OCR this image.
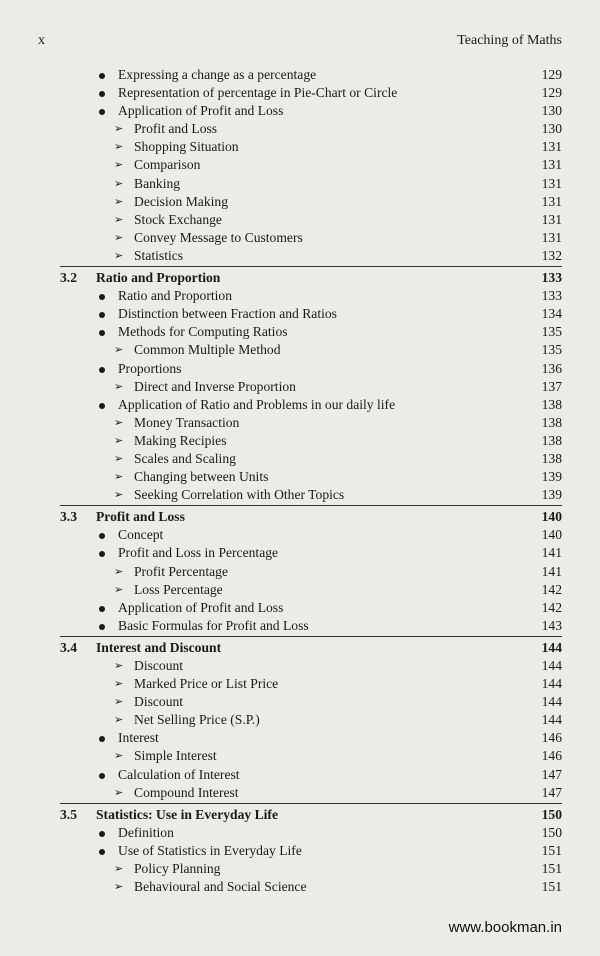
x	Teaching of Maths
Expressing a change as a percentage	129
Representation of percentage in Pie-Chart or Circle	129
Application of Profit and Loss	130
➢ Profit and Loss	130
➢ Shopping Situation	131
➢ Comparison	131
➢ Banking	131
➢ Decision Making	131
➢ Stock Exchange	131
➢ Convey Message to Customers	131
➢ Statistics	132
3.2 Ratio and Proportion	133
Ratio and Proportion	133
Distinction between Fraction and Ratios	134
Methods for Computing Ratios	135
➢ Common Multiple Method	135
Proportions	136
➢ Direct and Inverse Proportion	137
Application of Ratio and Problems in our daily life	138
➢ Money Transaction	138
➢ Making Recipies	138
➢ Scales and Scaling	138
➢ Changing between Units	139
➢ Seeking Correlation with Other Topics	139
3.3 Profit and Loss	140
Concept	140
Profit and Loss in Percentage	141
➢ Profit Percentage	141
➢ Loss Percentage	142
Application of Profit and Loss	142
Basic Formulas for Profit and Loss	143
3.4 Interest and Discount	144
➢ Discount	144
➢ Marked Price or List Price	144
➢ Discount	144
➢ Net Selling Price (S.P.)	144
Interest	146
➢ Simple Interest	146
Calculation of Interest	147
➢ Compound Interest	147
3.5 Statistics: Use in Everyday Life	150
Definition	150
Use of Statistics in Everyday Life	151
➢ Policy Planning	151
➢ Behavioural and Social Science	151
www.bookman.in
